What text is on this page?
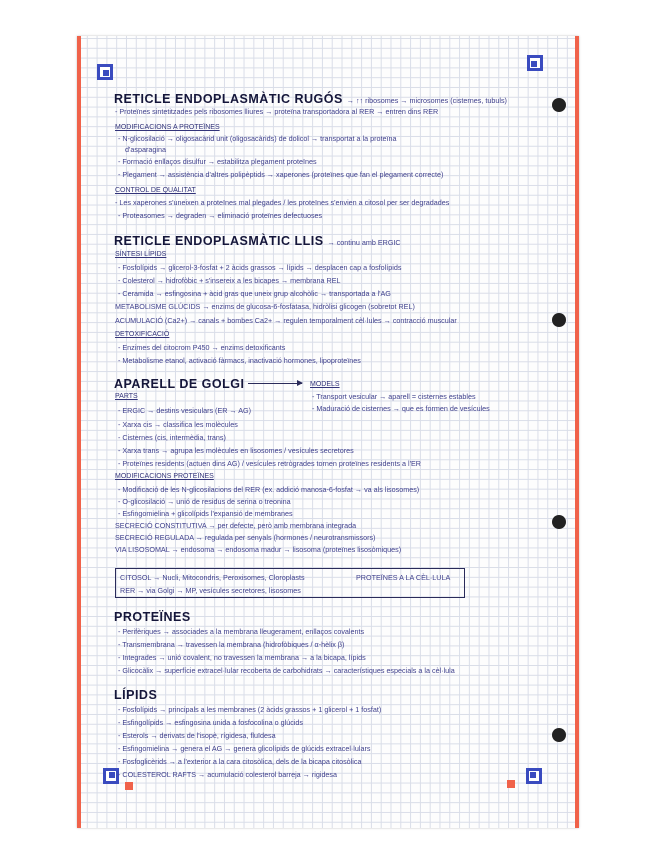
RETICLE ENDOPLASMÀTIC RUGÓS → ↑↑ ribosomes → microsomes (cisternes, tubuls)
- Proteïnes sintetitzades pels ribosomes lliures → proteïna transportadora al RER → entren dins RER
MODIFICACIONS A PROTEÏNES
- N-glicosilació → oligosacàrid unit (oligosacàrids) de dolicol → transportat a la proteïna
d'asparagina
- Formació enllaços disulfur → estabilitza plegament proteïnes
- Plegament → assistència d'altres polipèptids → xaperones (proteïnes que fan el plegament correcte)
CONTROL DE QUALITAT
- Les xaperones s'uneixen a proteïnes mal plegades / les proteïnes s'envien a citosol per ser degradades
- Proteasomes → degraden → eliminació proteïnes defectuoses
RETICLE ENDOPLASMÀTIC LLIS → continu amb ERGIC
SÍNTESI LÍPIDS
- Fosfolípids → glicerol-3-fosfat + 2 àcids grassos → lípids → desplacen cap a fosfolípids
- Colesterol → hidrofòbic + s'insereix a les bicapes → membrana REL
- Ceramida → esfingosina + àcid gras que uneix grup alcohòlic → transportada a l'AG
METABOLISME GLÚCIDS → enzims de glucosa-6-fosfatasa, hidròlisi glicogen (sobretot REL)
ACUMULACIÓ (Ca2+) → canals + bombes Ca2+ → regulen temporalment cèl·lules → contracció muscular
DETOXIFICACIÓ
- Enzimes del citocrom P450 → enzims detoxificants
- Metabolisme etanol, activació fàrmacs, inactivació hormones, lipoproteïnes
APARELL DE GOLGI	MODELS
- Transport vesicular → aparell = cisternes estables
- Maduració de cisternes → que es formen de vesícules
PARTS
- ERGIC → destins vesiculars (ER → AG)
- Xarxa cis → classifica les molècules
- Cisternes (cis, intermèdia, trans)
- Xarxa trans → agrupa les molècules en lisosomes / vesícules secretores
- Proteïnes residents (actuen dins AG) / vesícules retrògrades tornen proteïnes residents a l'ER
MODIFICACIONS PROTEÏNES
- Modificació de les N-glicosilacions del RER (ex. addició manosa-6-fosfat → va als lisosomes)
- O-glicosilació → unió de residus de serina o treonina
- Esfingomielina + glicolípids l'expansió de membranes
SECRECIÓ CONSTITUTIVA → per defecte, però amb membrana integrada
SECRECIÓ REGULADA → regulada per senyals (hormones / neurotransmissors)
VIA LISOSOMAL → endosoma → endosoma madur → lisosoma (proteïnes lisosòmiques)
CITOSOL → Nucli, Mitocondris, Peroxisomes, Cloroplasts	PROTEÏNES A LA CÈL·LULA
RER → via Golgi → MP, vesícules secretores, lisosomes
PROTEÏNES
- Perifèriques → associades a la membrana lleugerament, enllaços covalents
- Transmembrana → travessen la membrana (hidrofòbiques / α-hèlix β)
- Integrades → unió covalent, no travessen la membrana → a la bicapa, lípids
- Glicocàlix → superfície extracel·lular recoberta de carbohidrats → característiques especials a la cèl·lula
LÍPIDS
- Fosfolípids → principals a les membranes (2 àcids grassos + 1 glicerol + 1 fosfat)
- Esfingolípids → esfingosina unida a fosfocolina o glúcids
- Esterols → derivats de l'isopè, rígidesa, fluïdesa
- Esfingomielina → genera el AG → genera glicolípids de glúcids extracel·lulars
- Fosfoglicèrids → a l'exterior a la cara citosòlica, dels de la bicapa citosòlica
- COLESTEROL RAFTS → acumulació colesterol barreja → rigidesa
